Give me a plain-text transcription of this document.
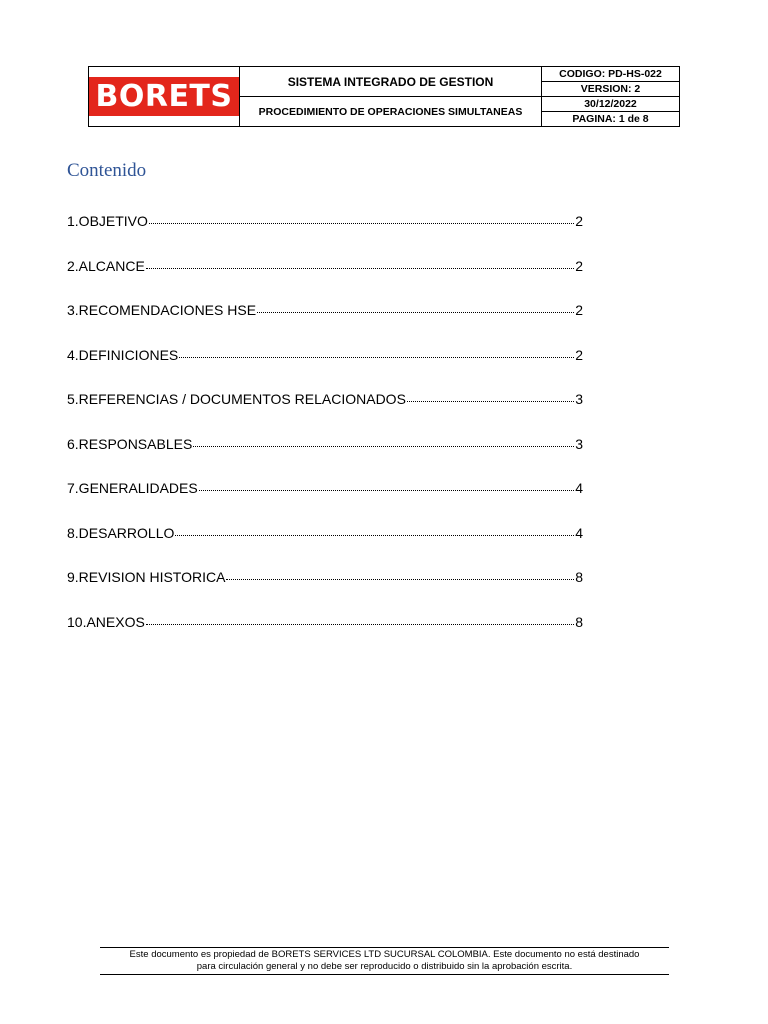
BORETS	SISTEMA INTEGRADO DE GESTION
PROCEDIMIENTO DE OPERACIONES SIMULTANEAS
CODIGO: PD-HS-022
VERSION: 2
30/12/2022
PAGINA: 1 de 8
Contenido
1.OBJETIVO	2
2.ALCANCE	2
3.RECOMENDACIONES HSE	2
4.DEFINICIONES	2
5.REFERENCIAS / DOCUMENTOS RELACIONADOS	3
6.RESPONSABLES	3
7.GENERALIDADES	4
8.DESARROLLO	4
9.REVISION HISTORICA	8
10.ANEXOS	8
Este documento es propiedad de BORETS SERVICES LTD SUCURSAL COLOMBIA. Este documento no está destinado
para circulación general y no debe ser reproducido o distribuido sin la aprobación escrita.
